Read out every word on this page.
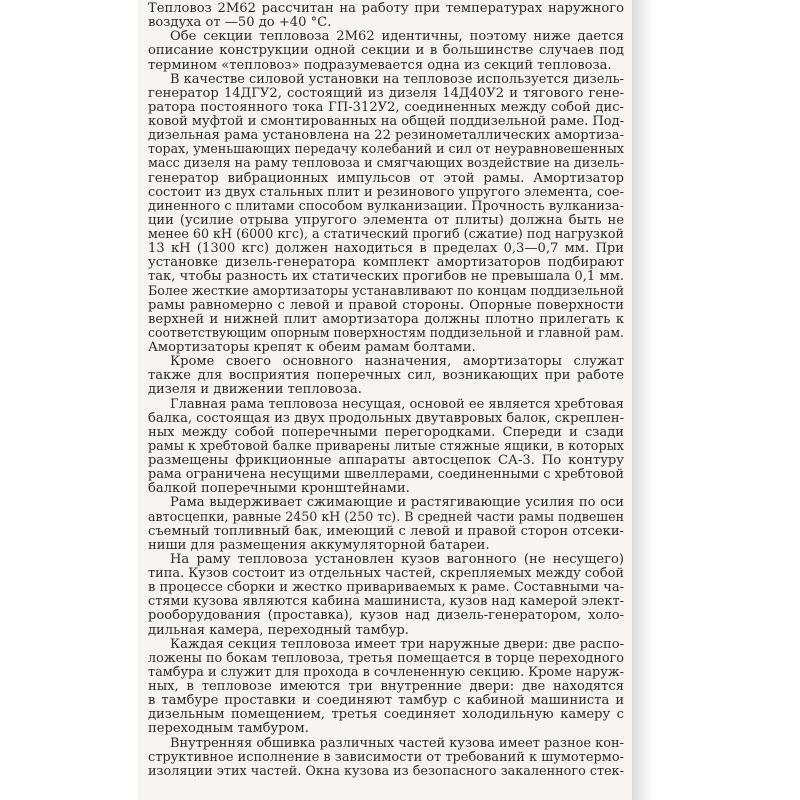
Тепловоз 2М62 рассчитан на работу при температурах наружного
воздуха от —50 до +40 °С.

Обе секции тепловоза 2М62 идентичны, поэтому ниже дается
описание конструкции одной секции и в большинстве случаев под
термином «тепловоз» подразумевается одна из секций тепловоза.

В качестве силовой установки на тепловозе используется дизель-
генератор 14ДГУ2, состоящий из дизеля 14Д40У2 и тягового гене-
ратора постоянного тока ГП-312У2, соединенных между собой дис-
ковой муфтой и смонтированных на общей поддизельной раме. Под-
дизельная рама установлена на 22 резинометаллических амортиза-
торах, уменьшающих передачу колебаний и сил от неуравновешенных
масс дизеля на раму тепловоза и смягчающих воздействие на дизель-
генератор вибрационных импульсов от этой рамы. Амортизатор
состоит из двух стальных плит и резинового упругого элемента, сое-
диненного с плитами способом вулканизации. Прочность вулканиза-
ции (усилие отрыва упругого элемента от плиты) должна быть не
менее 60 кН (6000 кгс), а статический прогиб (сжатие) под нагрузкой
13 кН (1300 кгс) должен находиться в пределах 0,3—0,7 мм. При
установке дизель-генератора комплект амортизаторов подбирают
так, чтобы разность их статических прогибов не превышала 0,1 мм.
Более жесткие амортизаторы устанавливают по концам поддизельной
рамы равномерно с левой и правой стороны. Опорные поверхности
верхней и нижней плит амортизатора должны плотно прилегать к
соответствующим опорным поверхностям поддизельной и главной рам.
Амортизаторы крепят к обеим рамам болтами.

Кроме своего основного назначения, амортизаторы служат
также для восприятия поперечных сил, возникающих при работе
дизеля и движении тепловоза.

Главная рама тепловоза несущая, основой ее является хребтовая
балка, состоящая из двух продольных двутавровых балок, скреплен-
ных между собой поперечными перегородками. Спереди и сзади
рамы к хребтовой балке приварены литые стяжные ящики, в которых
размещены фрикционные аппараты автосцепок СА-3. По контуру
рама ограничена несущими швеллерами, соединенными с хребтовой
балкой поперечными кронштейнами.

Рама выдерживает сжимающие и растягивающие усилия по оси
автосцепки, равные 2450 кН (250 тс). В средней части рамы подвешен
съемный топливный бак, имеющий с левой и правой сторон отсеки-
ниши для размещения аккумуляторной батареи.

На раму тепловоза установлен кузов вагонного (не несущего)
типа. Кузов состоит из отдельных частей, скрепляемых между собой
в процессе сборки и жестко привариваемых к раме. Составными ча-
стями кузова являются кабина машиниста, кузов над камерой элект-
рооборудования (проставка), кузов над дизель-генератором, холо-
дильная камера, переходный тамбур.

Каждая секция тепловоза имеет три наружные двери: две распо-
ложены по бокам тепловоза, третья помещается в торце переходного
тамбура и служит для прохода в сочлененную секцию. Кроме наруж-
ных, в тепловозе имеются три внутренние двери: две находятся
в тамбуре проставки и соединяют тамбур с кабиной машиниста и
дизельным помещением, третья соединяет холодильную камеру с
переходным тамбуром.

Внутренняя обшивка различных частей кузова имеет разное кон-
структивное исполнение в зависимости от требований к шумотермо-
изоляции этих частей. Окна кузова из безопасного закаленного стек-
